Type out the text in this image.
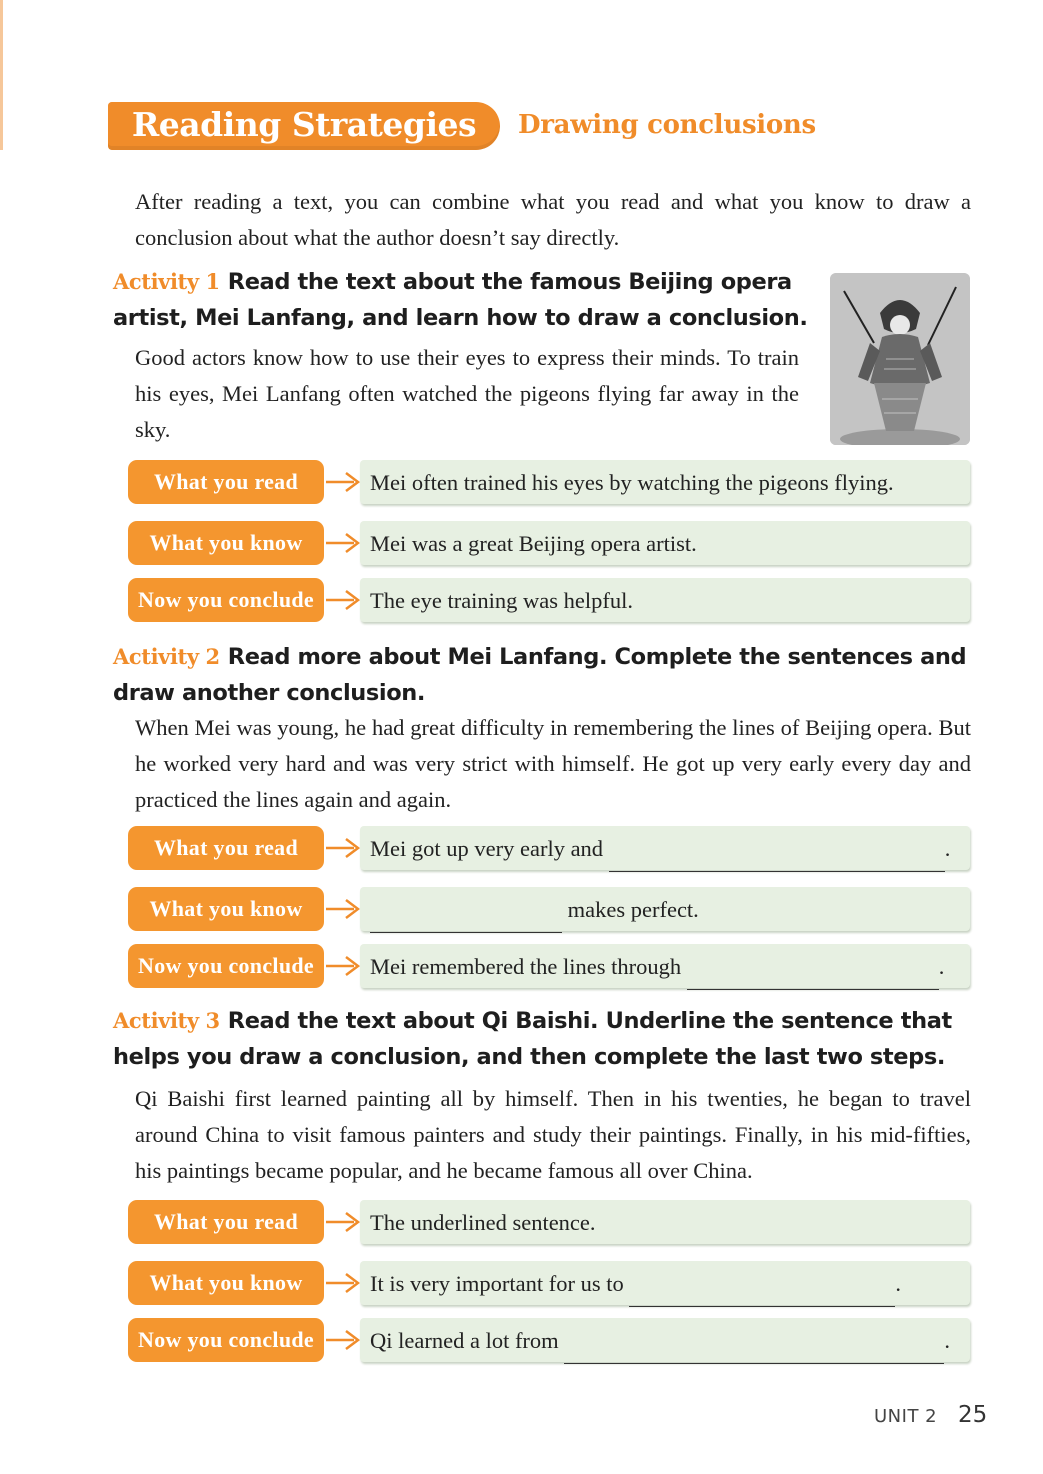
Reading Strategies	Drawing conclusions
After reading a text, you can combine what you read and what you know to draw a conclusion about what the author doesn’t say directly.
Activity 1 Read the text about the famous Beijing opera artist, Mei Lanfang, and learn how to draw a conclusion.
Good actors know how to use their eyes to express their minds. To train his eyes, Mei Lanfang often watched the pigeons flying far away in the sky.
What you read	Mei often trained his eyes by watching the pigeons flying.
What you know	Mei was a great Beijing opera artist.
Now you conclude	The eye training was helpful.
Activity 2 Read more about Mei Lanfang. Complete the sentences and draw another conclusion.
When Mei was young, he had great difficulty in remembering the lines of Beijing opera. But he worked very hard and was very strict with himself. He got up very early every day and practiced the lines again and again.
What you read	Mei got up very early and	.
What you know	makes perfect.
Now you conclude	Mei remembered the lines through	.
Activity 3 Read the text about Qi Baishi. Underline the sentence that helps you draw a conclusion, and then complete the last two steps.
Qi Baishi first learned painting all by himself. Then in his twenties, he began to travel around China to visit famous painters and study their paintings. Finally, in his mid-fifties, his paintings became popular, and he became famous all over China.
What you read	The underlined sentence.
What you know	It is very important for us to	.
Now you conclude	Qi learned a lot from	.
UNIT 2 25
